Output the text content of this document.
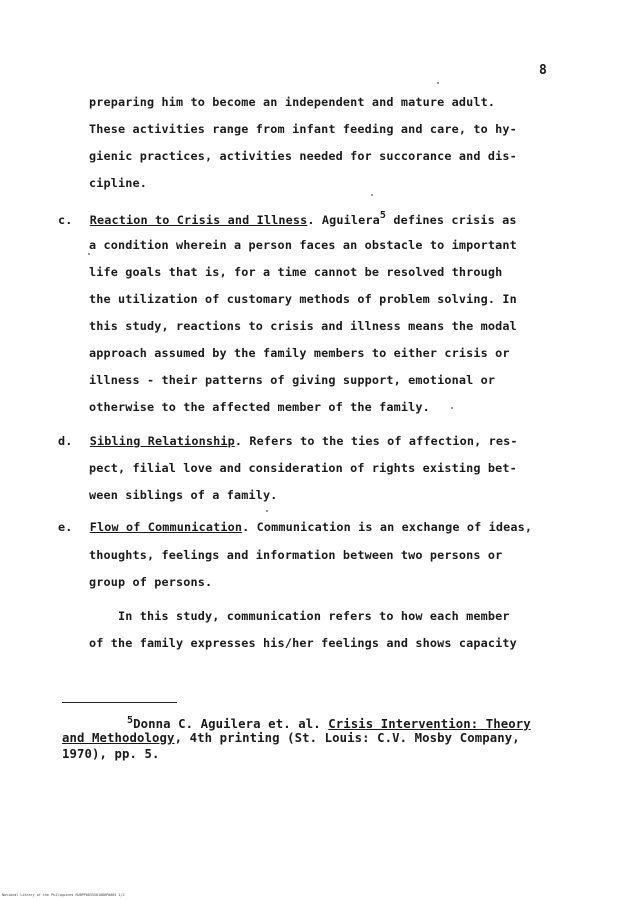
8
preparing him to become an independent and mature adult.
These activities range from infant feeding and care, to hy-
gienic practices, activities needed for succorance and dis-
cipline.
c. Reaction to Crisis and Illness. Aguilera$^5$ defines crisis as
a condition wherein a person faces an obstacle to important
life goals that is, for a time cannot be resolved through
the utilization of customary methods of problem solving. In
this study, reactions to crisis and illness means the modal
approach assumed by the family members to either crisis or
illness - their patterns of giving support, emotional or
otherwise to the affected member of the family.
d. Sibling Relationship. Refers to the ties of affection, res-
pect, filial love and consideration of rights existing bet-
ween siblings of a family.
e. Flow of Communication. Communication is an exchange of ideas,
thoughts, feelings and information between two persons or
group of persons.
In this study, communication refers to how each member
of the family expresses his/her feelings and shows capacity
$^5$Donna C. Aguilera et. al. Crisis Intervention: Theory
and Methodology, 4th printing (St. Louis: C.V. Mosby Company,
1970), pp. 5.
National Library of the Philippines RUBPP0035X01006P0005 1/2
